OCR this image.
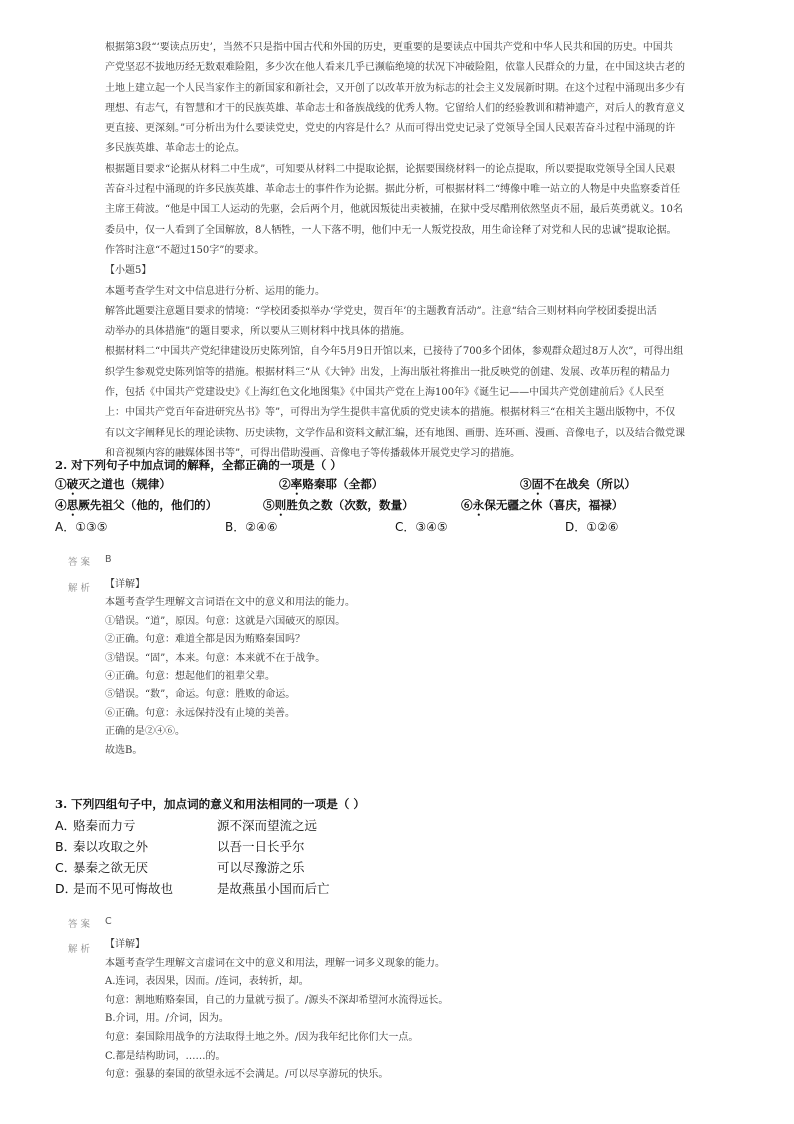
根据第3段“‘要读点历史’，当然不只是指中国古代和外国的历史，更重要的是要读点中国共产党和中华人民共和国的历史。中国共

产党坚忍不拔地历经无数艰难险阻，多少次在他人看来几乎已濒临绝境的状况下冲破险阻，依靠人民群众的力量，在中国这块古老的

土地上建立起一个人民当家作主的新国家和新社会，又开创了以改革开放为标志的社会主义发展新时期。在这个过程中涌现出多少有

理想、有志气，有智慧和才干的民族英雄、革命志士和备族战线的优秀人物。它留给人们的经验教训和精神遗产，对后人的教育意义

更直接、更深刻。”可分析出为什么要读党史，党史的内容是什么？从而可得出党史记录了党领导全国人民艰苦奋斗过程中涌现的许

多民族英雄、革命志士的论点。

根据题目要求“论据从材料二中生成”，可知要从材料二中提取论据，论据要围绕材料一的论点提取，所以要提取党领导全国人民艰

苦奋斗过程中涌现的许多民族英雄、革命志士的事件作为论据。据此分析，可根据材料二“缚像中唯一站立的人物是中央监察委首任

主席王荷波。“他是中国工人运动的先驱，会后两个月，他就因叛徒出卖被捕，在狱中受尽酷刑依然坚贞不屈，最后英勇就义。10名

委员中，仅一人看到了全国解放，8人牺牲，一人下落不明，他们中无一人叛党投敌，用生命诠释了对党和人民的忠诚”提取论据。

作答时注意“不超过150字”的要求。

【小题5】

本题考查学生对文中信息进行分析、运用的能力。

解答此题要注意题目要求的情境：“学校团委拟举办‘学党史，贺百年’的主题教育活动”。注意“结合三则材料向学校团委提出活

动举办的具体措施”的题目要求，所以要从三则材料中找具体的措施。

根据材料二“中国共产党纪律建设历史陈列馆，自今年5月9日开馆以来，已接待了700多个团体，参观群众超过8万人次”，可得出组

织学生参观党史陈列馆等的措施。根据材料三“从《大钟》出发，上海出版社将推出一批反映党的创建、发展、改革历程的精品力

作，包括《中国共产党建设史》《上海红色文化地图集》《中国共产党在上海100年》《诞生记——中国共产党创建前后》《人民至

上：中国共产党百年奋进研究丛书》等”，可得出为学生提供丰富优质的党史读本的措施。根据材料三“在相关主题出版物中，不仅

有以文字阐释见长的理论读物、历史读物，文学作品和资料文献汇编，还有地图、画册、连环画、漫画、音像电子，以及结合微党课

和音视频内容的融媒体图书等”，可得出借助漫画、音像电子等传播载体开展党史学习的措施。

2. 对下列句子中加点词的解释，全都正确的一项是（ ）
①破灭之道也（规律）	②率赂秦耶（全都）	③固不在战矣（所以）
④思厥先祖父（他的，他们的）	⑤则胜负之数（次数，数量）	⑥永保无疆之休（喜庆，福禄）
A．①③⑤	B．②④⑥	C．③④⑤	D．①②⑥
答案 B
解析 【详解】

本题考查学生理解文言词语在文中的意义和用法的能力。

①错误。“道”，原因。句意：这就是六国破灭的原因。

②正确。句意：难道全都是因为贿赂秦国吗？

③错误。“固”，本来。句意：本来就不在于战争。

④正确。句意：想起他们的祖辈父辈。

⑤错误。“数”，命运。句意：胜败的命运。

⑥正确。句意：永远保持没有止境的美善。

正确的是②④⑥。

故选B。

3. 下列四组句子中，加点词的意义和用法相同的一项是（ ）
A．
赂秦而力亏	源不深而望流之远
B．
秦以攻取之外	以吾一日长乎尔
C．
暴秦之欲无厌	可以尽豫游之乐
D．
是而不见可悔故也	是故燕虽小国而后亡
答案 C
解析 【详解】

本题考查学生理解文言虚词在文中的意义和用法，理解一词多义现象的能力。

A.连词，表因果，因而。/连词，表转折，却。

句意：割地贿赂秦国，自己的力量就亏损了。/源头不深却希望河水流得远长。

B.介词，用。/介词，因为。

句意：秦国除用战争的方法取得土地之外。/因为我年纪比你们大一点。

C.都是结构助词，……的。

句意：强暴的秦国的欲望永远不会满足。/可以尽享游玩的快乐。
